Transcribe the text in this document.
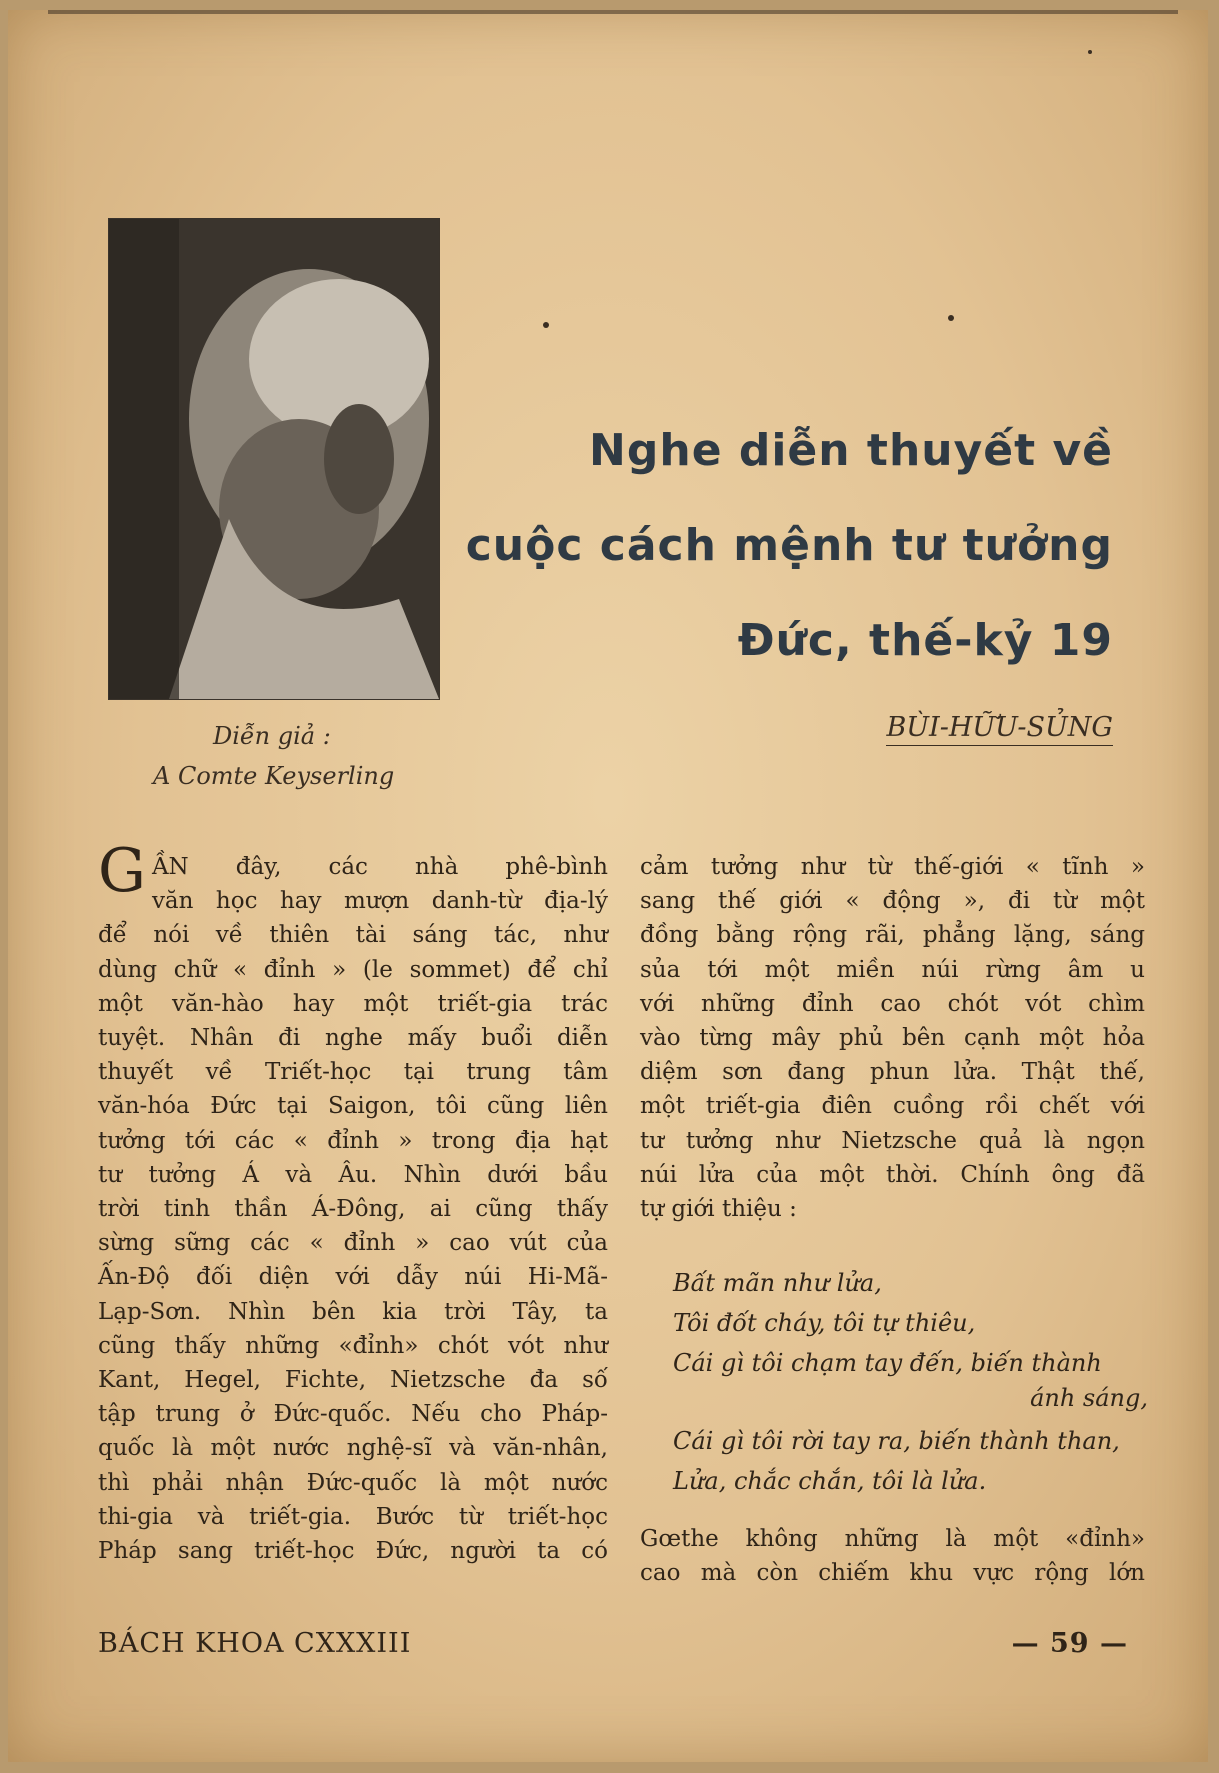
Diễn giả :
A Comte Keyserling
Nghe diễn thuyết về
cuộc cách mệnh tư tưởng
Đức, thế-kỷ 19
BÙI-HỮU-SỦNG
G ẦN đây, các nhà phê-bình
văn học hay mượn danh-từ địa-lý
để nói về thiên tài sáng tác, như
dùng chữ « đỉnh » (le sommet) để chỉ
một văn-hào hay một triết-gia trác
tuyệt. Nhân đi nghe mấy buổi diễn
thuyết về Triết-học tại trung tâm
văn-hóa Đức tại Saigon, tôi cũng liên
tưởng tới các « đỉnh » trong địa hạt
tư tưởng Á và Âu. Nhìn dưới bầu
trời tinh thần Á-Đông, ai cũng thấy
sừng sững các « đỉnh » cao vút của
Ấn-Độ đối diện với dẫy núi Hi-Mã-
Lạp-Sơn. Nhìn bên kia trời Tây, ta
cũng thấy những «đỉnh» chót vót như
Kant, Hegel, Fichte, Nietzsche đa số
tập trung ở Đức-quốc. Nếu cho Pháp-
quốc là một nước nghệ-sĩ và văn-nhân,
thì phải nhận Đức-quốc là một nước
thi-gia và triết-gia. Bước từ triết-học
Pháp sang triết-học Đức, người ta có
cảm tưởng như từ thế-giới « tĩnh »
sang thế giới « động », đi từ một
đồng bằng rộng rãi, phẳng lặng, sáng
sủa tới một miền núi rừng âm u
với những đỉnh cao chót vót chìm
vào từng mây phủ bên cạnh một hỏa
diệm sơn đang phun lửa. Thật thế,
một triết-gia điên cuồng rồi chết với
tư tưởng như Nietzsche quả là ngọn
núi lửa của một thời. Chính ông đã
tự giới thiệu :
Bất mãn như lửa,
Tôi đốt cháy, tôi tự thiêu,
Cái gì tôi chạm tay đến, biến thành
ánh sáng,
Cái gì tôi rời tay ra, biến thành than,
Lửa, chắc chắn, tôi là lửa.
Gœthe không những là một «đỉnh»
cao mà còn chiếm khu vực rộng lớn
BÁCH KHOA CXXXIII	— 59 —
